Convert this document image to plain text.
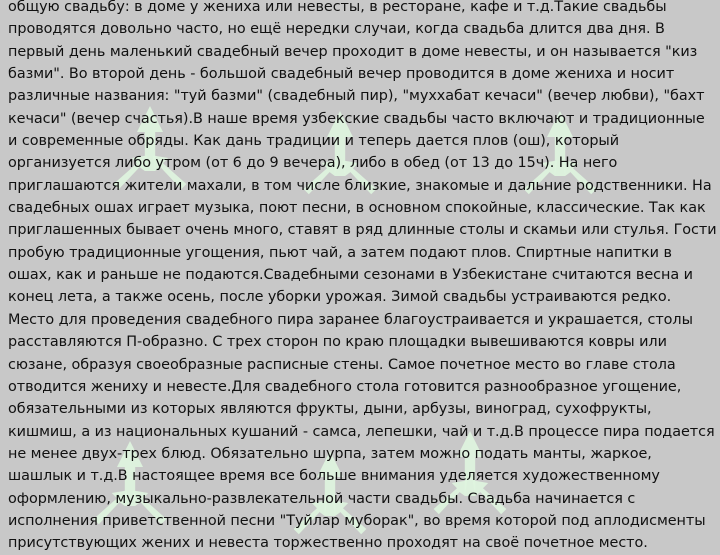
общую свадьбу: в доме у жениха или невесты, в ресторане, кафе и т.д.Такие свадьбы
проводятся довольно часто, но ещё нередки случаи, когда свадьба длится два дня. В
первый день маленький свадебный вечер проходит в доме невесты, и он называется "киз
базми". Во второй день - большой свадебный вечер проводится в доме жениха и носит
различные названия: "туй базми" (свадебный пир), "муххабат кечаси" (вечер любви), "бахт
кечаси" (вечер счастья).В наше время узбекские свадьбы часто включают и традиционные
и современные обряды. Как дань традиции и теперь дается плов (ош), который
организуется либо утром (от 6 до 9 вечера), либо в обед (от 13 до 15ч). На него
приглашаются жители махали, в том числе близкие, знакомые и дальние родственники. На
свадебных ошах играет музыка, поют песни, в основном спокойные, классические. Так как
приглашенных бывает очень много, ставят в ряд длинные столы и скамьи или стулья. Гости
пробую традиционные угощения, пьют чай, а затем подают плов. Спиртные напитки в
ошах, как и раньше не подаются.Свадебными сезонами в Узбекистане считаются весна и
конец лета, а также осень, после уборки урожая. Зимой свадьбы устраиваются редко.
Место для проведения свадебного пира заранее благоустраивается и украшается, столы
расставляются П-образно. С трех сторон по краю площадки вывешиваются ковры или
сюзане, образуя своеобразные расписные стены. Самое почетное место во главе стола
отводится жениху и невесте.Для свадебного стола готовится разнообразное угощение,
обязательными из которых являются фрукты, дыни, арбузы, виноград, сухофрукты,
кишмиш, а из национальных кушаний - самса, лепешки, чай и т.д.В процессе пира подается
не менее двух-трех блюд. Обязательно шурпа, затем можно подать манты, жаркое,
шашлык и т.д.В настоящее время все больше внимания уделяется художественному
оформлению, музыкально-развлекательной части свадьбы. Свадьба начинается с
исполнения приветственной песни "Туйлар муборак", во время которой под аплодисменты
присутствующих жених и невеста торжественно проходят на своё почетное место.
